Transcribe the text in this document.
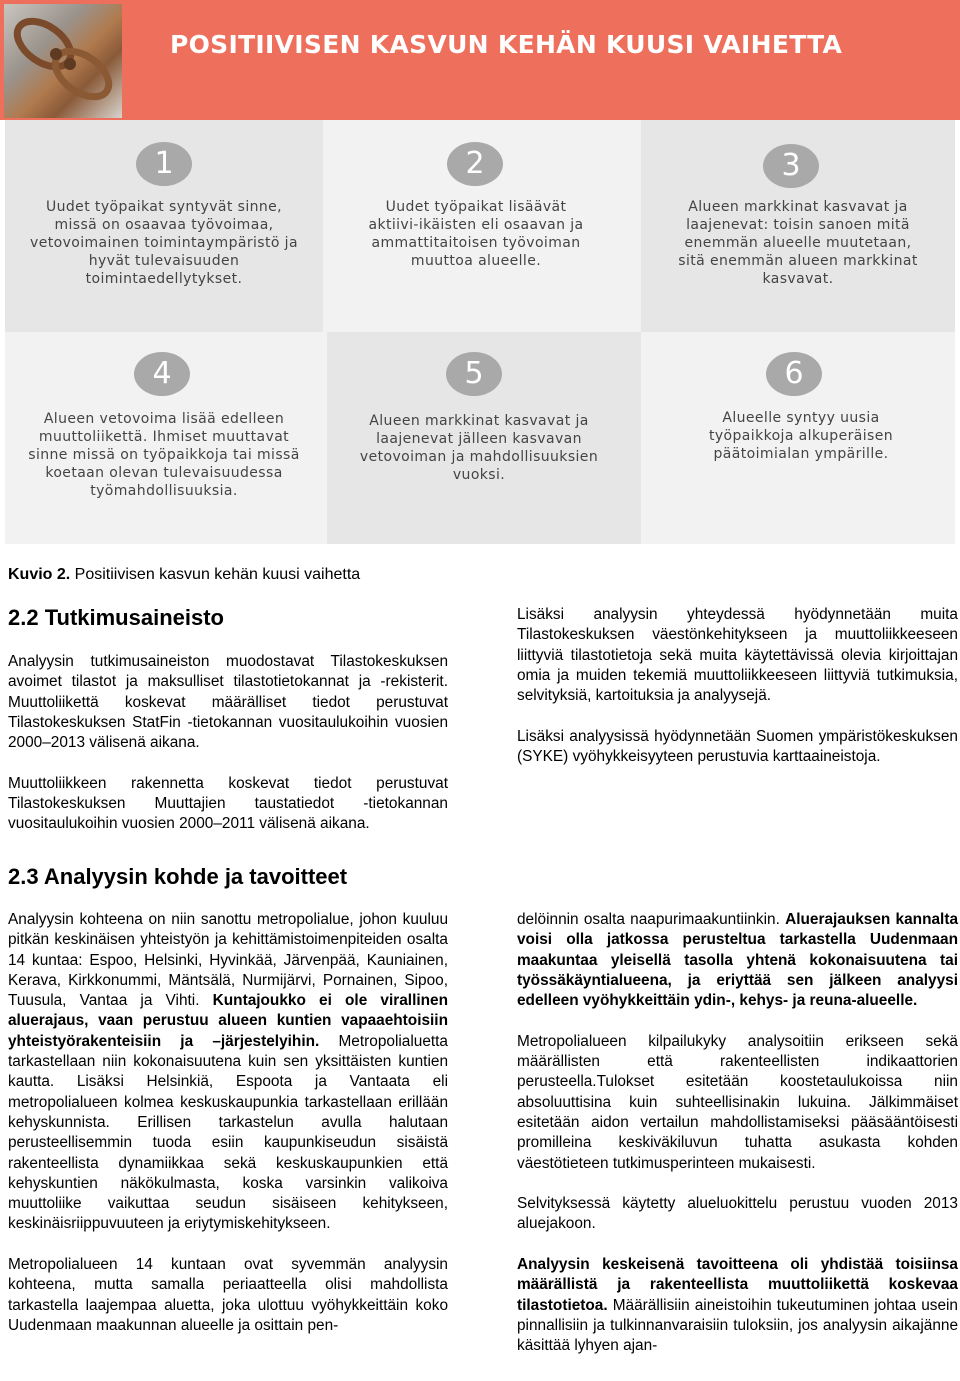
POSITIIVISEN KASVUN KEHÄN KUUSI VAIHETTA
1
Uudet työpaikat syntyvät sinne, missä on osaavaa työvoimaa, vetovoimainen toimintaympäristö ja hyvät tulevaisuuden toimintaedellytykset.
2
Uudet työpaikat lisäävät aktiivi-ikäisten eli osaavan ja ammattitaitoisen työvoiman muuttoa alueelle.
3
Alueen markkinat kasvavat ja laajenevat: toisin sanoen mitä enemmän alueelle muutetaan, sitä enemmän alueen markkinat kasvavat.
4
Alueen vetovoima lisää edelleen muuttoliikettä. Ihmiset muuttavat sinne missä on työpaikkoja tai missä koetaan olevan tulevaisuudessa työmahdollisuuksia.
5
Alueen markkinat kasvavat ja laajenevat jälleen kasvavan vetovoiman ja mahdollisuuksien vuoksi.
6
Alueelle syntyy uusia työpaikkoja alkuperäisen päätoimialan ympärille.
Kuvio 2. Positiivisen kasvun kehän kuusi vaihetta
2.2 Tutkimusaineisto

Analyysin tutkimusaineiston muodostavat Tilastokeskuksen avoimet tilastot ja maksulliset tilastotietokannat ja -rekisterit. Muuttoliikettä koskevat määrälliset tiedot perustuvat Tilastokeskuksen StatFin -tietokannan vuositaulukoihin vuosien 2000–2013 välisenä aikana.

Muuttoliikkeen rakennetta koskevat tiedot perustuvat Tilastokeskuksen Muuttajien taustatiedot -tietokannan vuositaulukoihin vuosien 2000–2011 välisenä aikana.

Lisäksi analyysin yhteydessä hyödynnetään muita Tilastokeskuksen väestönkehitykseen ja muuttoliikkeeseen liittyviä tilastotietoja sekä muita käytettävissä olevia kirjoittajan omia ja muiden tekemiä muuttoliikkeeseen liittyviä tutkimuksia, selvityksiä, kartoituksia ja analyysejä.

Lisäksi analyysissä hyödynnetään Suomen ympäristökeskuksen (SYKE) vyöhykkeisyyteen perustuvia karttaaineistoja.

2.3 Analyysin kohde ja tavoitteet

Analyysin kohteena on niin sanottu metropolialue, johon kuuluu pitkän keskinäisen yhteistyön ja kehittämistoimenpiteiden osalta 14 kuntaa: Espoo, Helsinki, Hyvinkää, Järvenpää, Kauniainen, Kerava, Kirkkonummi, Mäntsälä, Nurmijärvi, Pornainen, Sipoo, Tuusula, Vantaa ja Vihti. Kuntajoukko ei ole virallinen aluerajaus, vaan perustuu alueen kuntien vapaaehtoisiin yhteistyörakenteisiin ja –järjestelyihin. Metropolialuetta tarkastellaan niin kokonaisuutena kuin sen yksittäisten kuntien kautta. Lisäksi Helsinkiä, Espoota ja Vantaata eli metropolialueen kolmea keskuskaupunkia tarkastellaan erillään kehyskunnista. Erillisen tarkastelun avulla halutaan perusteellisemmin tuoda esiin kaupunkiseudun sisäistä rakenteellista dynamiikkaa sekä keskuskaupunkien että kehyskuntien näkökulmasta, koska varsinkin valikoiva muuttoliike vaikuttaa seudun sisäiseen kehitykseen, keskinäisriippuvuuteen ja eriytymiskehitykseen.

Metropolialueen 14 kuntaan ovat syvemmän analyysin kohteena, mutta samalla periaatteella olisi mahdollista tarkastella laajempaa aluetta, joka ulottuu vyöhykkeittäin koko Uudenmaan maakunnan alueelle ja osittain pen-

delöinnin osalta naapurimaakuntiinkin. Aluerajauksen kannalta voisi olla jatkossa perusteltua tarkastella Uudenmaan maakuntaa yleisellä tasolla yhtenä kokonaisuutena tai työssäkäyntialueena, ja eriyttää sen jälkeen analyysi edelleen vyöhykkeittäin ydin-, kehys- ja reuna-alueelle.

Metropolialueen kilpailukyky analysoitiin erikseen sekä määrällisten että rakenteellisten indikaattorien perusteella.Tulokset esitetään koostetaulukoissa niin absoluuttisina kuin suhteellisinakin lukuina. Jälkimmäiset esitetään aidon vertailun mahdollistamiseksi pääsääntöisesti promilleina keskiväkiluvun tuhatta asukasta kohden väestötieteen tutkimusperinteen mukaisesti.

Selvityksessä käytetty alueluokittelu perustuu vuoden 2013 aluejakoon.

Analyysin keskeisenä tavoitteena oli yhdistää toisiinsa määrällistä ja rakenteellista muuttoliikettä koskevaa tilastotietoa. Määrällisiin aineistoihin tukeutuminen johtaa usein pinnallisiin ja tulkinnanvaraisiin tuloksiin, jos analyysin aikajänne käsittää lyhyen ajan-
